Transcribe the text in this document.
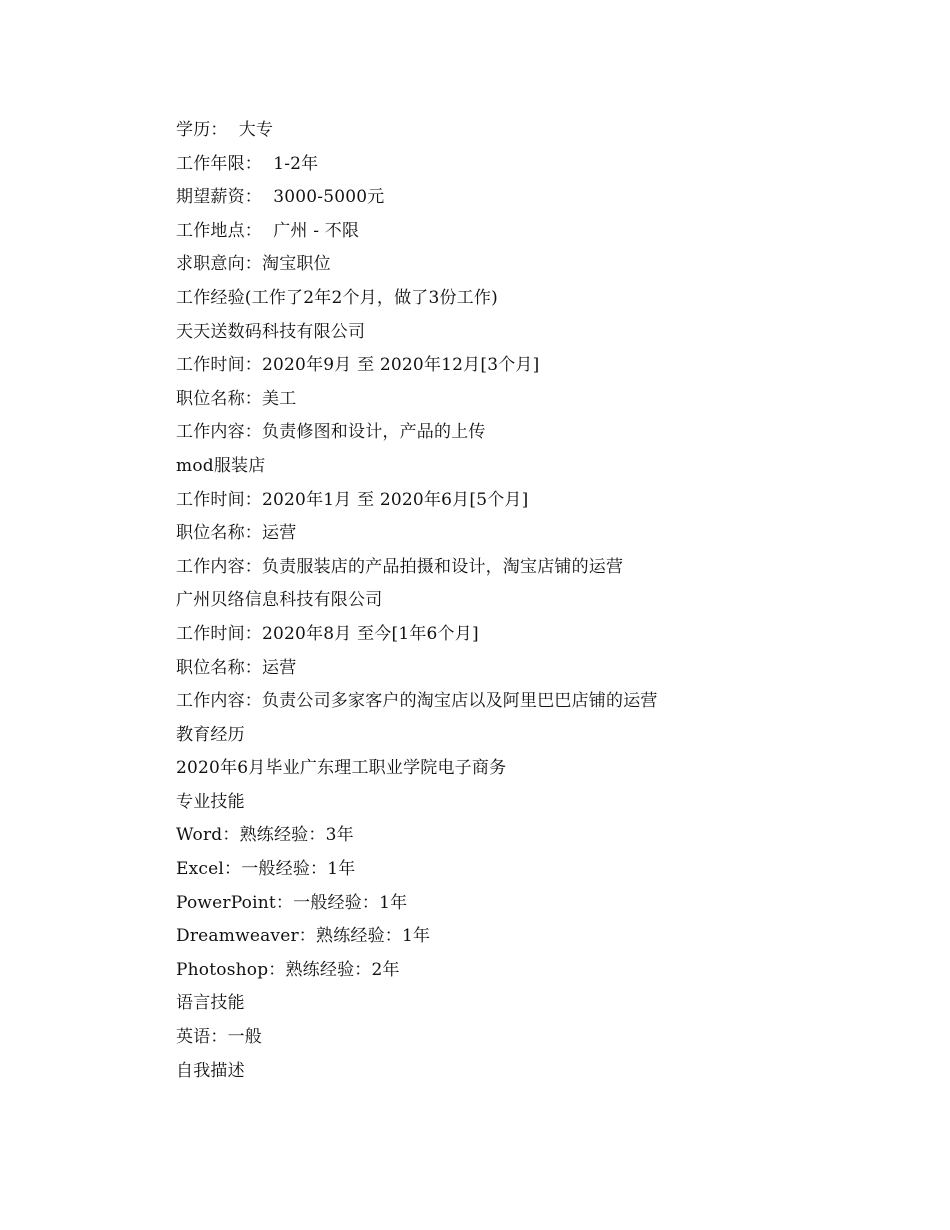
学历：  大专
工作年限：  1-2年
期望薪资：  3000-5000元
工作地点：  广州 - 不限
求职意向：淘宝职位
工作经验(工作了2年2个月，做了3份工作)
天天送数码科技有限公司
工作时间：2020年9月 至 2020年12月[3个月]
职位名称：美工
工作内容：负责修图和设计，产品的上传
mod服装店
工作时间：2020年1月 至 2020年6月[5个月]
职位名称：运营
工作内容：负责服装店的产品拍摄和设计，淘宝店铺的运营
广州贝络信息科技有限公司
工作时间：2020年8月 至今[1年6个月]
职位名称：运营
工作内容：负责公司多家客户的淘宝店以及阿里巴巴店铺的运营
教育经历
2020年6月毕业广东理工职业学院电子商务
专业技能
Word：熟练经验：3年
Excel：一般经验：1年
PowerPoint：一般经验：1年
Dreamweaver：熟练经验：1年
Photoshop：熟练经验：2年
语言技能
英语：一般
自我描述
